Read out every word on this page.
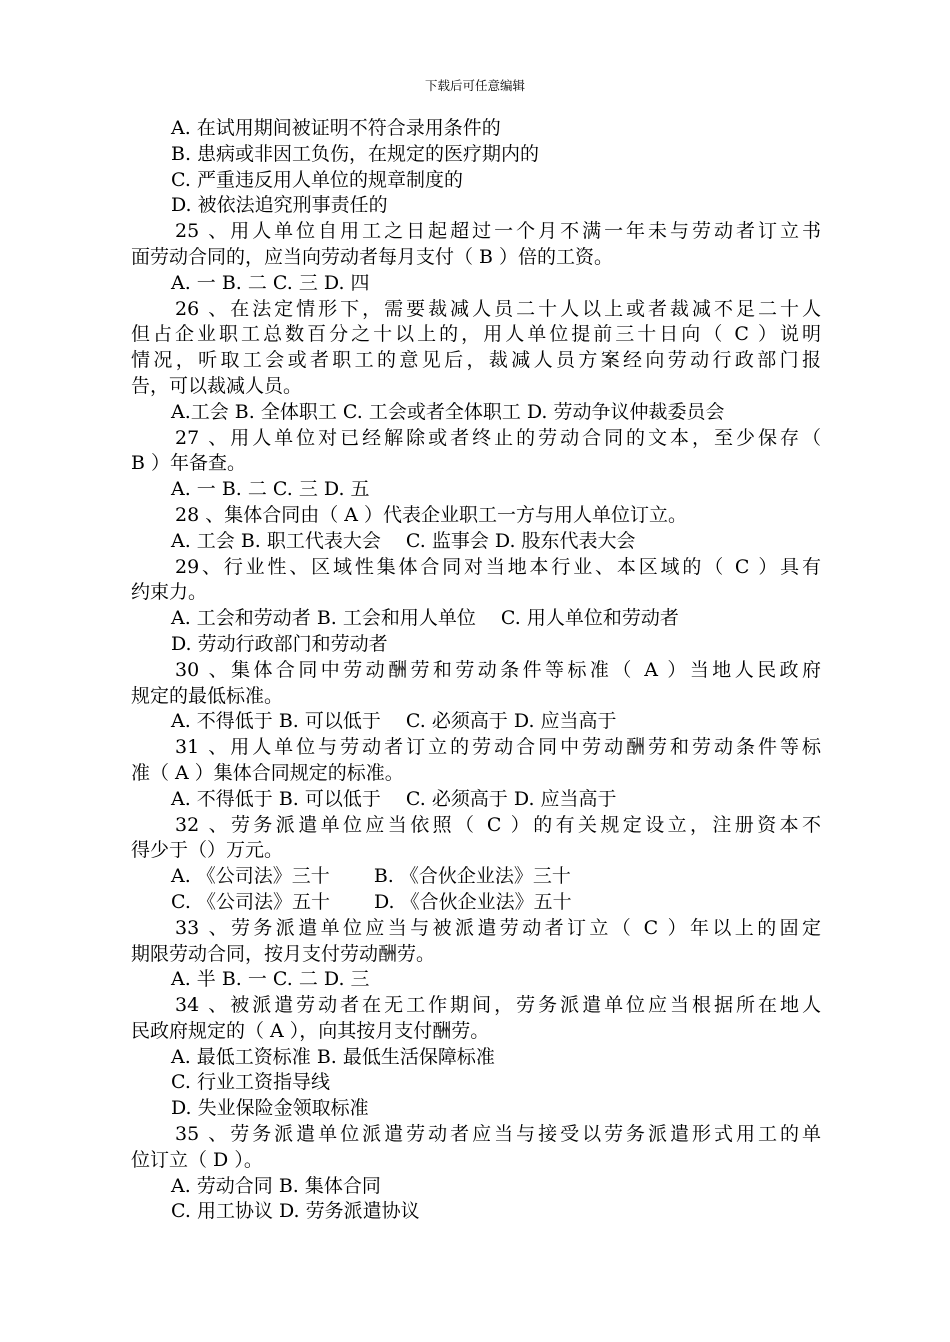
下载后可任意编辑
A. 在试用期间被证明不符合录用条件的
B. 患病或非因工负伤，在规定的医疗期内的
C. 严重违反用人单位的规章制度的
D. 被依法追究刑事责任的
25 、用人单位自用工之日起超过一个月不满一年未与劳动者订立书
面劳动合同的，应当向劳动者每月支付（ B ）倍的工资。
A. 一 B. 二 C. 三 D. 四
26 、在法定情形下，需要裁减人员二十人以上或者裁减不足二十人
但占企业职工总数百分之十以上的，用人单位提前三十日向（ C ）说明
情况，听取工会或者职工的意见后，裁减人员方案经向劳动行政部门报
告，可以裁减人员。
A.工会 B. 全体职工 C. 工会或者全体职工 D. 劳动争议仲裁委员会
27 、用人单位对已经解除或者终止的劳动合同的文本，至少保存（
B ）年备查。
A. 一 B. 二 C. 三 D. 五
28 、集体合同由（ A ）代表企业职工一方与用人单位订立。
A. 工会 B. 职工代表大会　 C. 监事会 D. 股东代表大会
29、行业性、区域性集体合同对当地本行业、本区域的（ C ）具有
约束力。
A. 工会和劳动者 B. 工会和用人单位　 C. 用人单位和劳动者
D. 劳动行政部门和劳动者
30 、集体合同中劳动酬劳和劳动条件等标准（ A ）当地人民政府
规定的最低标准。
A. 不得低于 B. 可以低于　 C. 必须高于 D. 应当高于
31 、用人单位与劳动者订立的劳动合同中劳动酬劳和劳动条件等标
准（ A ）集体合同规定的标准。
A. 不得低于 B. 可以低于　 C. 必须高于 D. 应当高于
32 、劳务派遣单位应当依照（ C ）的有关规定设立，注册资本不
得少于（）万元。
A. 《公司法》三十　　 B. 《合伙企业法》三十
C. 《公司法》五十　　 D. 《合伙企业法》五十
33 、劳务派遣单位应当与被派遣劳动者订立（ C ）年以上的固定
期限劳动合同，按月支付劳动酬劳。
A. 半 B. 一 C. 二 D. 三
34 、被派遣劳动者在无工作期间，劳务派遣单位应当根据所在地人
民政府规定的（ A ），向其按月支付酬劳。
A. 最低工资标准 B. 最低生活保障标准
C. 行业工资指导线
D. 失业保险金领取标准
35 、劳务派遣单位派遣劳动者应当与接受以劳务派遣形式用工的单
位订立（ D ）。
A. 劳动合同 B. 集体合同
C. 用工协议 D. 劳务派遣协议
